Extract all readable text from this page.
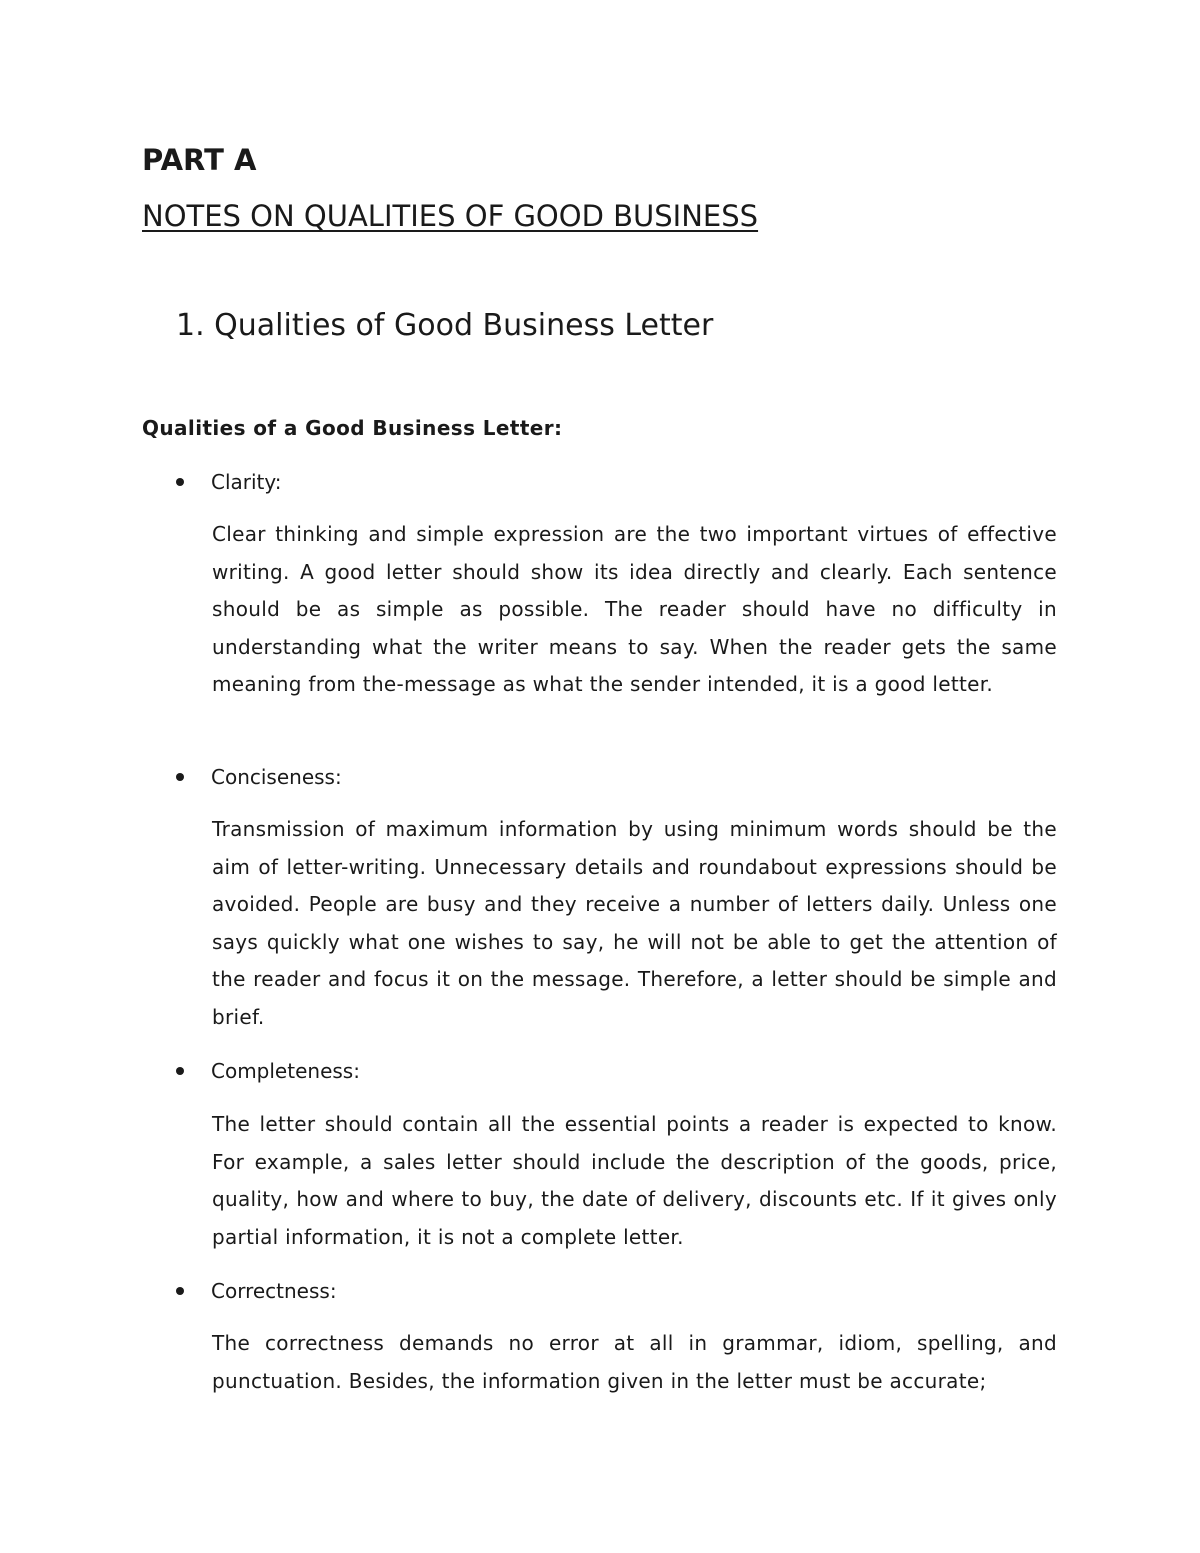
PART A
NOTES ON QUALITIES OF GOOD BUSINESS
1. Qualities of Good Business Letter
Qualities of a Good Business Letter:
Clarity:

Clear thinking and simple expression are the two important virtues of effective writing. A good letter should show its idea directly and clearly. Each sentence should be as simple as possible. The reader should have no difficulty in understanding what the writer means to say. When the reader gets the same meaning from the-message as what the sender intended, it is a good letter.

Conciseness:

Transmission of maximum information by using minimum words should be the aim of letter-writing. Unnecessary details and roundabout expressions should be avoided. People are busy and they receive a number of letters daily. Unless one says quickly what one wishes to say, he will not be able to get the attention of the reader and focus it on the message. Therefore, a letter should be simple and brief.

Completeness:

The letter should contain all the essential points a reader is expected to know. For example, a sales letter should include the description of the goods, price, quality, how and where to buy, the date of delivery, discounts etc. If it gives only partial information, it is not a complete letter.

Correctness:

The correctness demands no error at all in grammar, idiom, spelling, and punctuation. Besides, the information given in the letter must be accurate;
